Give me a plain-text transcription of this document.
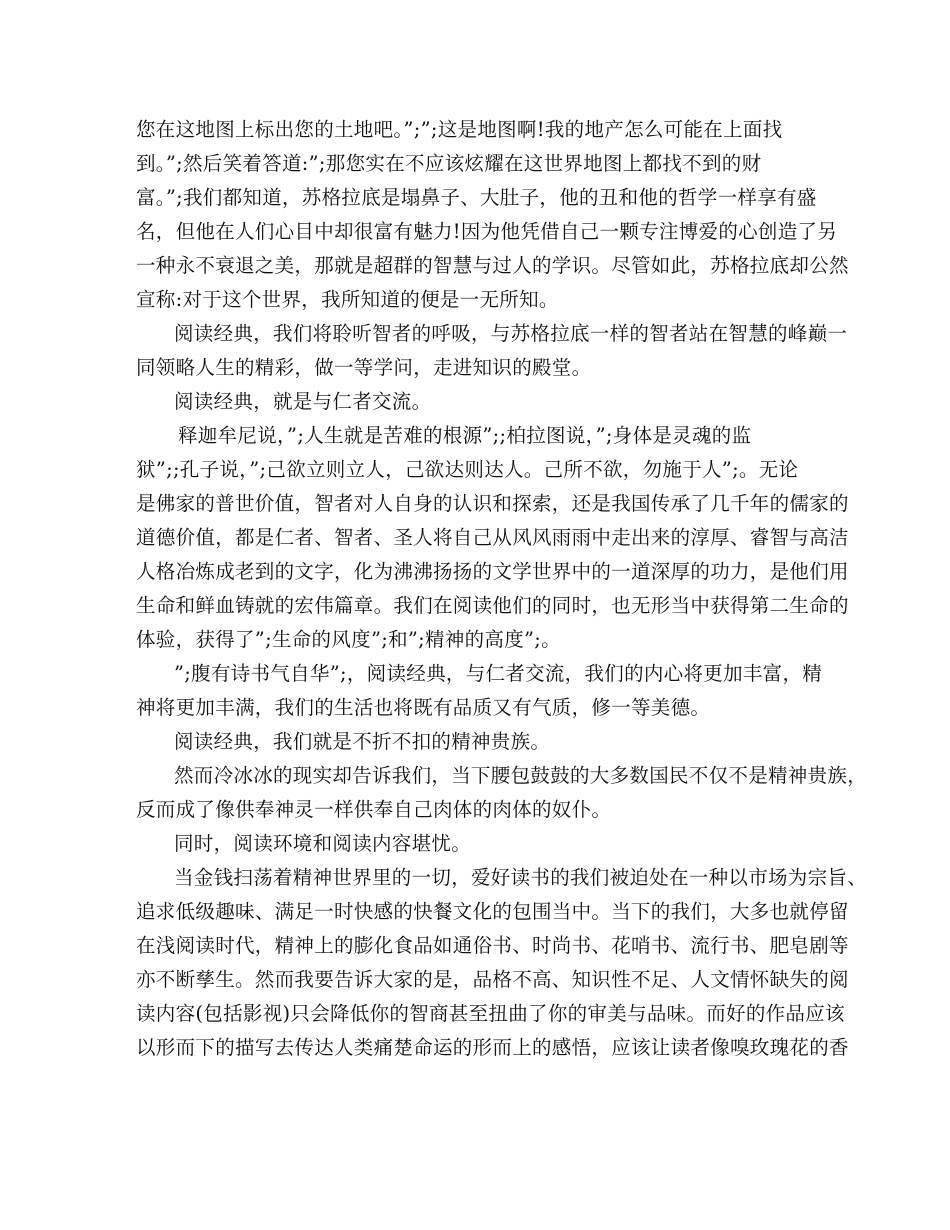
您在这地图上标出您的土地吧。”;”;这是地图啊!我的地产怎么可能在上面找
到。”;然后笑着答道:”;那您实在不应该炫耀在这世界地图上都找不到的财
富。”;我们都知道，苏格拉底是塌鼻子、大肚子，他的丑和他的哲学一样享有盛
名，但他在人们心目中却很富有魅力!因为他凭借自己一颗专注博爱的心创造了另
一种永不衰退之美，那就是超群的智慧与过人的学识。尽管如此，苏格拉底却公然
宣称:对于这个世界，我所知道的便是一无所知。
阅读经典，我们将聆听智者的呼吸，与苏格拉底一样的智者站在智慧的峰巅一
同领略人生的精彩，做一等学问，走进知识的殿堂。
阅读经典，就是与仁者交流。
释迦牟尼说，”;人生就是苦难的根源”;;柏拉图说，”;身体是灵魂的监
狱”;;孔子说，”;己欲立则立人，己欲达则达人。己所不欲，勿施于人”;。无论
是佛家的普世价值，智者对人自身的认识和探索，还是我国传承了几千年的儒家的
道德价值，都是仁者、智者、圣人将自己从风风雨雨中走出来的淳厚、睿智与高洁
人格冶炼成老到的文字，化为沸沸扬扬的文学世界中的一道深厚的功力，是他们用
生命和鲜血铸就的宏伟篇章。我们在阅读他们的同时，也无形当中获得第二生命的
体验，获得了”;生命的风度”;和”;精神的高度”;。
”;腹有诗书气自华”;，阅读经典，与仁者交流，我们的内心将更加丰富，精
神将更加丰满，我们的生活也将既有品质又有气质，修一等美德。
阅读经典，我们就是不折不扣的精神贵族。
然而冷冰冰的现实却告诉我们，当下腰包鼓鼓的大多数国民不仅不是精神贵族，
反而成了像供奉神灵一样供奉自己肉体的肉体的奴仆。
同时，阅读环境和阅读内容堪忧。
当金钱扫荡着精神世界里的一切，爱好读书的我们被迫处在一种以市场为宗旨、
追求低级趣味、满足一时快感的快餐文化的包围当中。当下的我们，大多也就停留
在浅阅读时代，精神上的膨化食品如通俗书、时尚书、花哨书、流行书、肥皂剧等
亦不断孳生。然而我要告诉大家的是，品格不高、知识性不足、人文情怀缺失的阅
读内容(包括影视)只会降低你的智商甚至扭曲了你的审美与品味。而好的作品应该
以形而下的描写去传达人类痛楚命运的形而上的感悟，应该让读者像嗅玫瑰花的香
